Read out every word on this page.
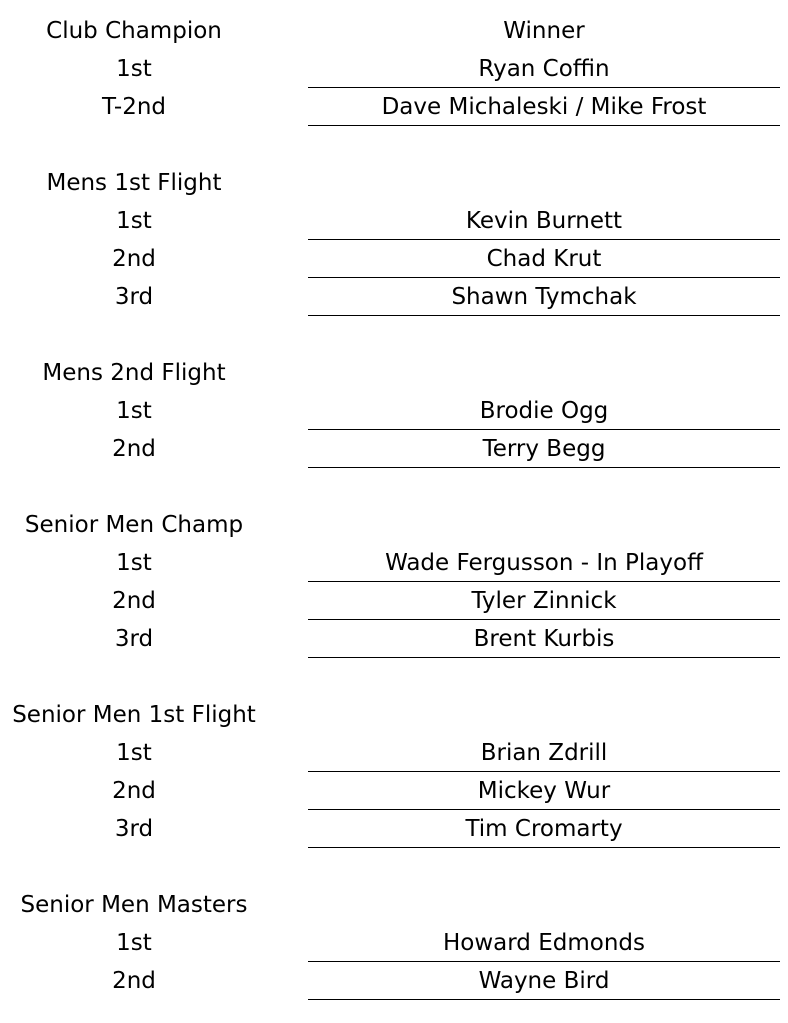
Club Champion	Winner
1st	Ryan Coffin
T-2nd	Dave Michaleski / Mike Frost
Mens 1st Flight
1st	Kevin Burnett
2nd	Chad Krut
3rd	Shawn Tymchak
Mens 2nd Flight
1st	Brodie Ogg
2nd	Terry Begg
Senior Men Champ
1st	Wade Fergusson - In Playoff
2nd	Tyler Zinnick
3rd	Brent Kurbis
Senior Men 1st Flight
1st	Brian Zdrill
2nd	Mickey Wur
3rd	Tim Cromarty
Senior Men Masters
1st	Howard Edmonds
2nd	Wayne Bird
